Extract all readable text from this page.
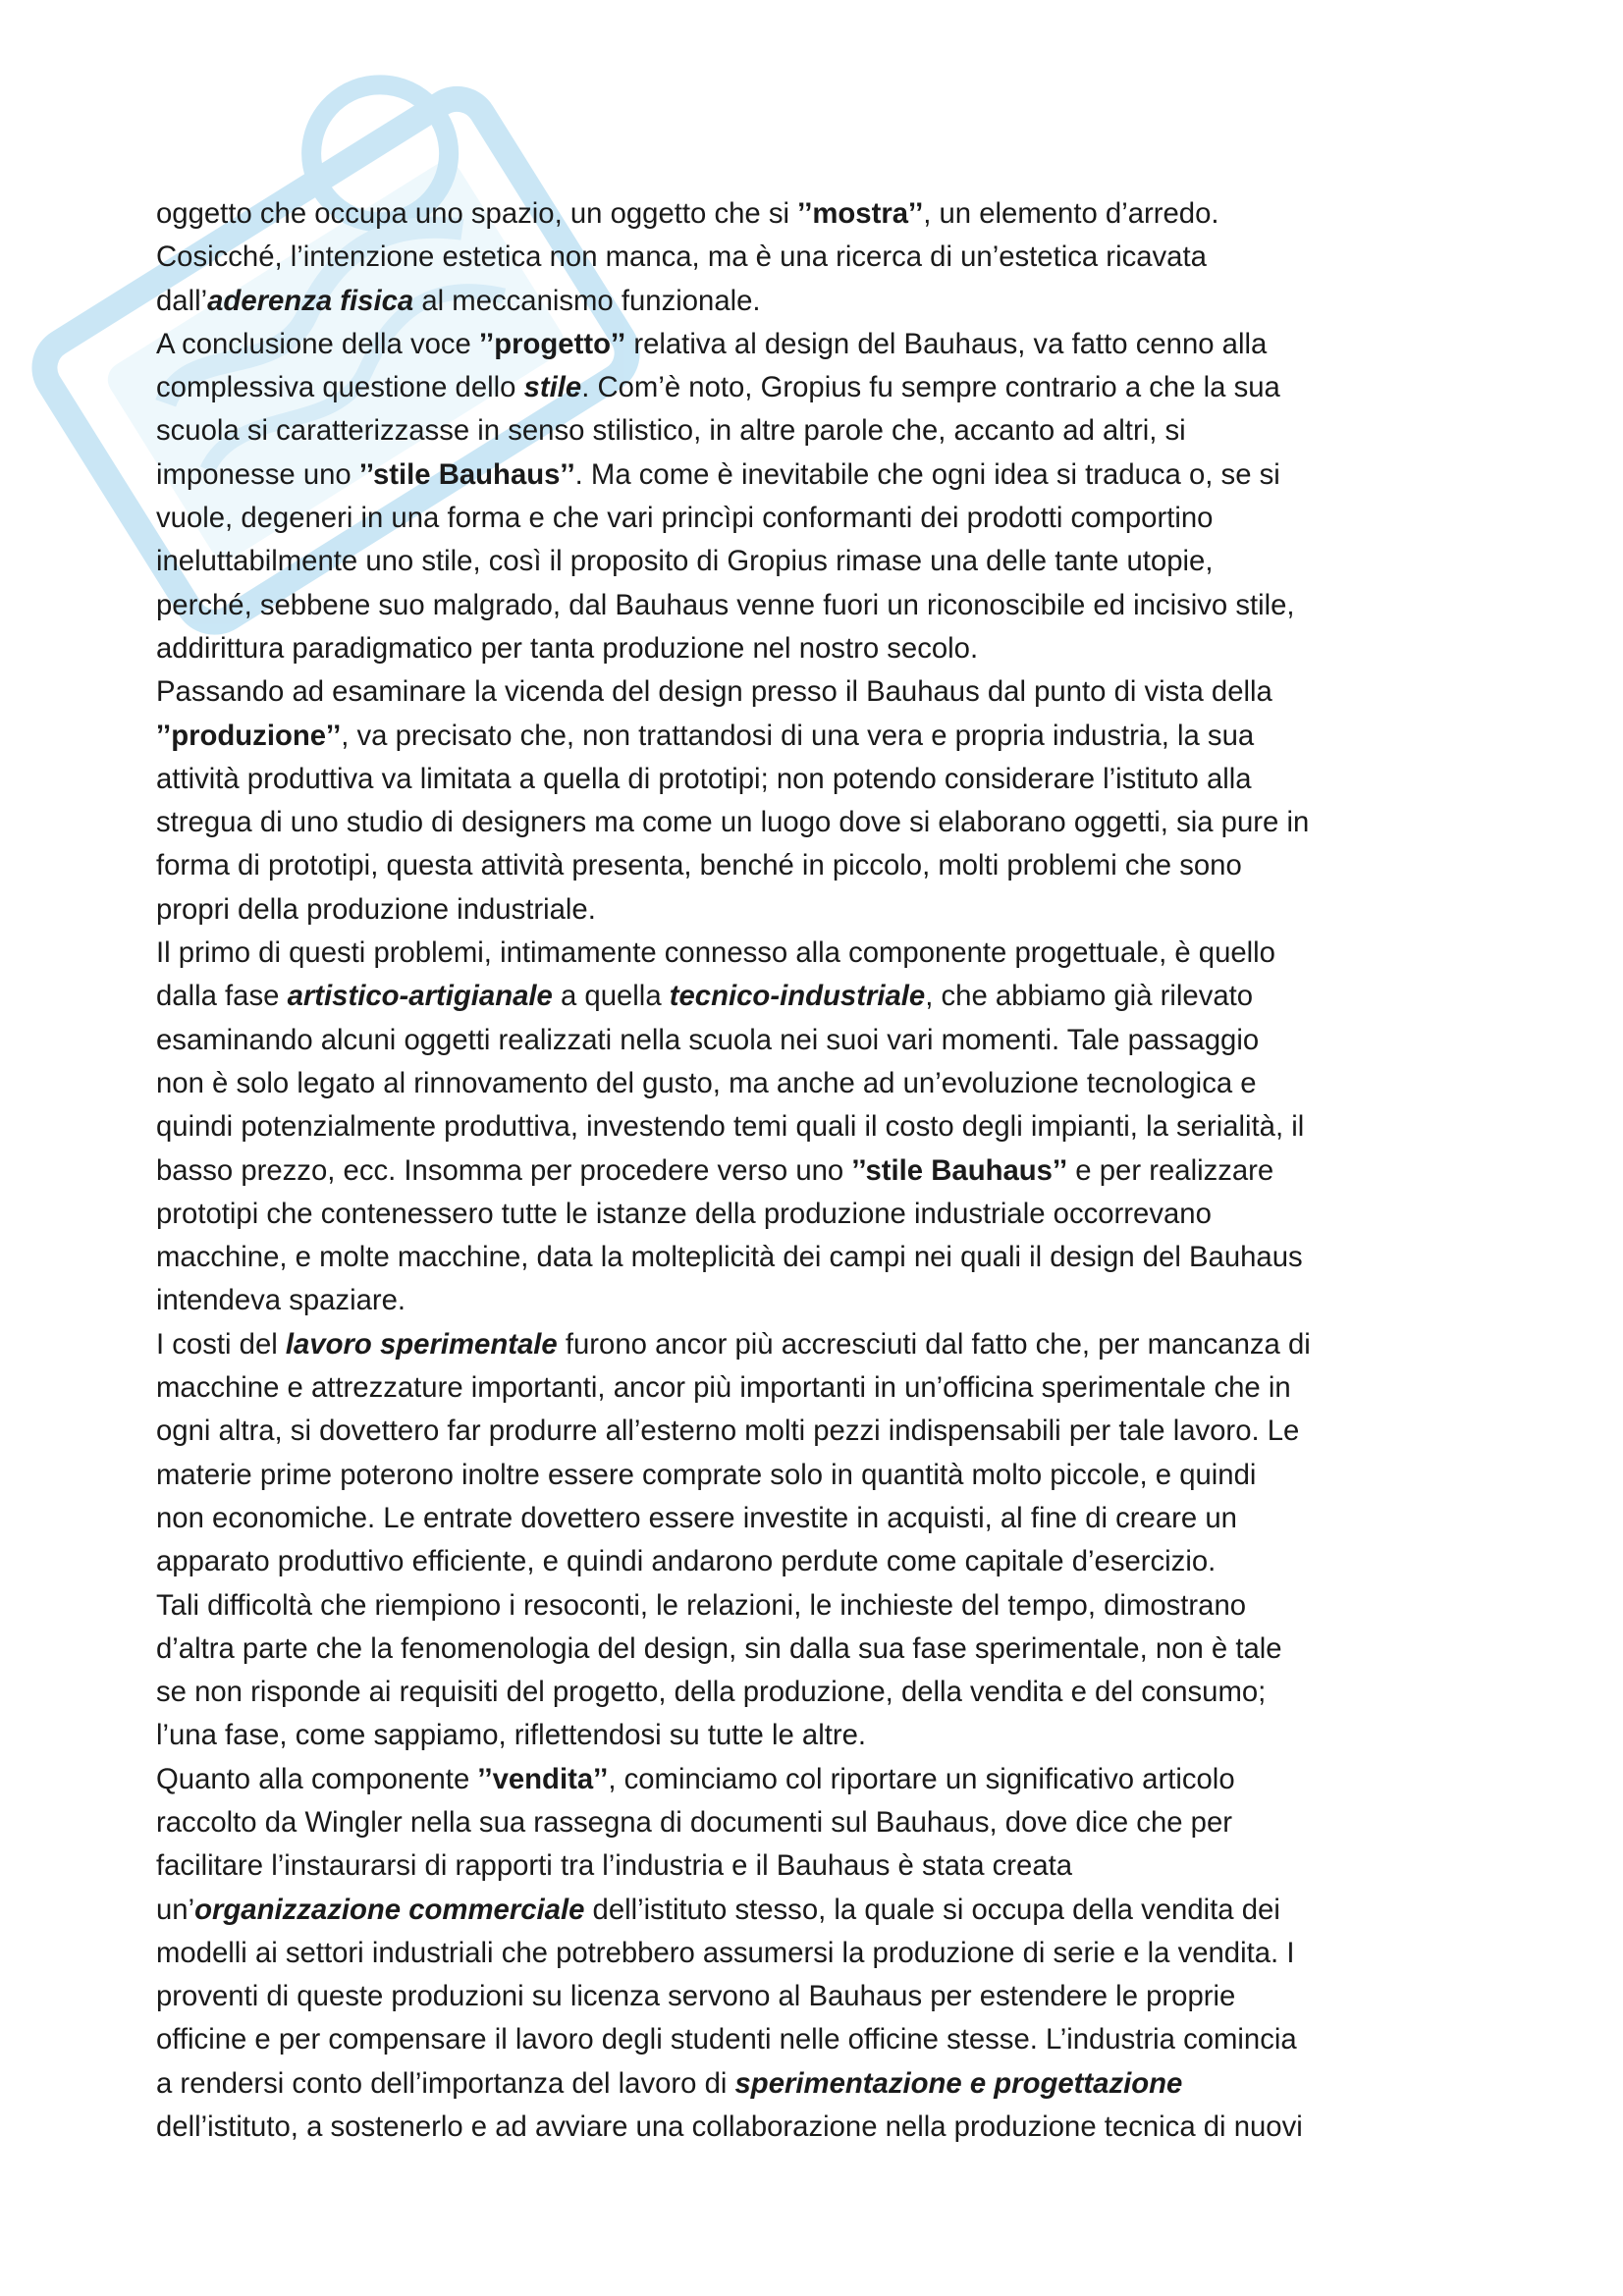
oggetto che occupa uno spazio, un oggetto che si ’’mostra’’, un elemento d’arredo.
Cosicché, l’intenzione estetica non manca, ma è una ricerca di un’estetica ricavata
dall’aderenza fisica al meccanismo funzionale.
A conclusione della voce ’’progetto’’ relativa al design del Bauhaus, va fatto cenno alla
complessiva questione dello stile. Com’è noto, Gropius fu sempre contrario a che la sua
scuola si caratterizzasse in senso stilistico, in altre parole che, accanto ad altri, si
imponesse uno ’’stile Bauhaus’’. Ma come è inevitabile che ogni idea si traduca o, se si
vuole, degeneri in una forma e che vari princìpi conformanti dei prodotti comportino
ineluttabilmente uno stile, così il proposito di Gropius rimase una delle tante utopie,
perché, sebbene suo malgrado, dal Bauhaus venne fuori un riconoscibile ed incisivo stile,
addirittura paradigmatico per tanta produzione nel nostro secolo.
Passando ad esaminare la vicenda del design presso il Bauhaus dal punto di vista della
’’produzione’’, va precisato che, non trattandosi di una vera e propria industria, la sua
attività produttiva va limitata a quella di prototipi; non potendo considerare l’istituto alla
stregua di uno studio di designers ma come un luogo dove si elaborano oggetti, sia pure in
forma di prototipi, questa attività presenta, benché in piccolo, molti problemi che sono
propri della produzione industriale.
Il primo di questi problemi, intimamente connesso alla componente progettuale, è quello
dalla fase artistico-artigianale a quella tecnico-industriale, che abbiamo già rilevato
esaminando alcuni oggetti realizzati nella scuola nei suoi vari momenti. Tale passaggio
non è solo legato al rinnovamento del gusto, ma anche ad un’evoluzione tecnologica e
quindi potenzialmente produttiva, investendo temi quali il costo degli impianti, la serialità, il
basso prezzo, ecc. Insomma per procedere verso uno ’’stile Bauhaus’’ e per realizzare
prototipi che contenessero tutte le istanze della produzione industriale occorrevano
macchine, e molte macchine, data la molteplicità dei campi nei quali il design del Bauhaus
intendeva spaziare.
I costi del lavoro sperimentale furono ancor più accresciuti dal fatto che, per mancanza di
macchine e attrezzature importanti, ancor più importanti in un’officina sperimentale che in
ogni altra, si dovettero far produrre all’esterno molti pezzi indispensabili per tale lavoro. Le
materie prime poterono inoltre essere comprate solo in quantità molto piccole, e quindi
non economiche. Le entrate dovettero essere investite in acquisti, al fine di creare un
apparato produttivo efficiente, e quindi andarono perdute come capitale d’esercizio.
Tali difficoltà che riempiono i resoconti, le relazioni, le inchieste del tempo, dimostrano
d’altra parte che la fenomenologia del design, sin dalla sua fase sperimentale, non è tale
se non risponde ai requisiti del progetto, della produzione, della vendita e del consumo;
l’una fase, come sappiamo, riflettendosi su tutte le altre.
Quanto alla componente ’’vendita’’, cominciamo col riportare un significativo articolo
raccolto da Wingler nella sua rassegna di documenti sul Bauhaus, dove dice che per
facilitare l’instaurarsi di rapporti tra l’industria e il Bauhaus è stata creata
un’organizzazione commerciale dell’istituto stesso, la quale si occupa della vendita dei
modelli ai settori industriali che potrebbero assumersi la produzione di serie e la vendita. I
proventi di queste produzioni su licenza servono al Bauhaus per estendere le proprie
officine e per compensare il lavoro degli studenti nelle officine stesse. L’industria comincia
a rendersi conto dell’importanza del lavoro di sperimentazione e progettazione
dell’istituto, a sostenerlo e ad avviare una collaborazione nella produzione tecnica di nuovi
